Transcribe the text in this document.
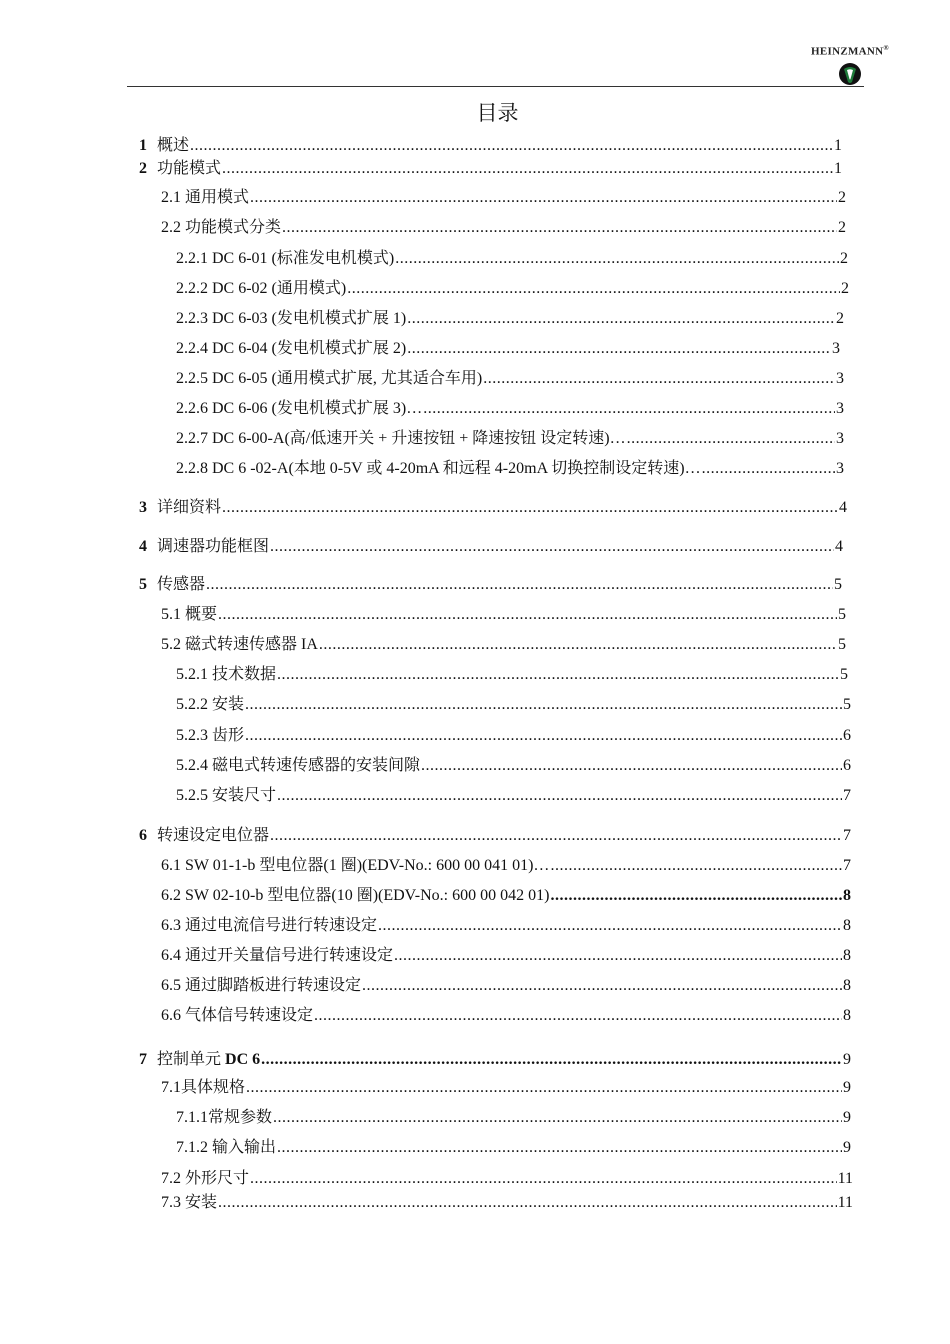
HEINZMANN®
目录
1 概述 .....	1
2 功能模式 .....	1
2.1 通用模式 .....	2
2.2 功能模式分类 .....	2
2.2.1 DC 6-01 (标准发电机模式) .....	2
2.2.2 DC 6-02 (通用模式) .....	2
2.2.3 DC 6-03 (发电机模式扩展 1) .....	2
2.2.4 DC 6-04 (发电机模式扩展 2) .....	3
2.2.5 DC 6-05 (通用模式扩展, 尤其适合车用) .....	3
2.2.6 DC 6-06 (发电机模式扩展 3)… .....	3
2.2.7 DC 6-00-A(高/低速开关 + 升速按钮 + 降速按钮 设定转速)… .....	3
2.2.8 DC 6 -02-A(本地 0-5V 或 4-20mA 和远程 4-20mA 切换控制设定转速)… .....	3
3 详细资料 .....	4
4 调速器功能框图 .....	4
5 传感器 .....	5
5.1 概要 .....	5
5.2 磁式转速传感器 IA .....	5
5.2.1 技术数据 .....	5
5.2.2 安装 .....	5
5.2.3 齿形 .....	6
5.2.4 磁电式转速传感器的安装间隙 .....	6
5.2.5 安装尺寸 .....	7
6 转速设定电位器 .....	7
6.1 SW 01-1-b 型电位器(1 圈)(EDV-No.: 600 00 041 01)… .....	7
6.2 SW 02-10-b 型电位器(10 圈)(EDV-No.: 600 00 042 01) .....	8
6.3 通过电流信号进行转速设定 .....	8
6.4 通过开关量信号进行转速设定 .....	8
6.5 通过脚踏板进行转速设定 .....	8
6.6 气体信号转速设定 .....	8
7 控制单元 DC 6 .....	9
7.1具体规格 .....	9
7.1.1常规参数 .....	9
7.1.2 输入输出 .....	9
7.2 外形尺寸 .....	11
7.3 安装 .....	11
